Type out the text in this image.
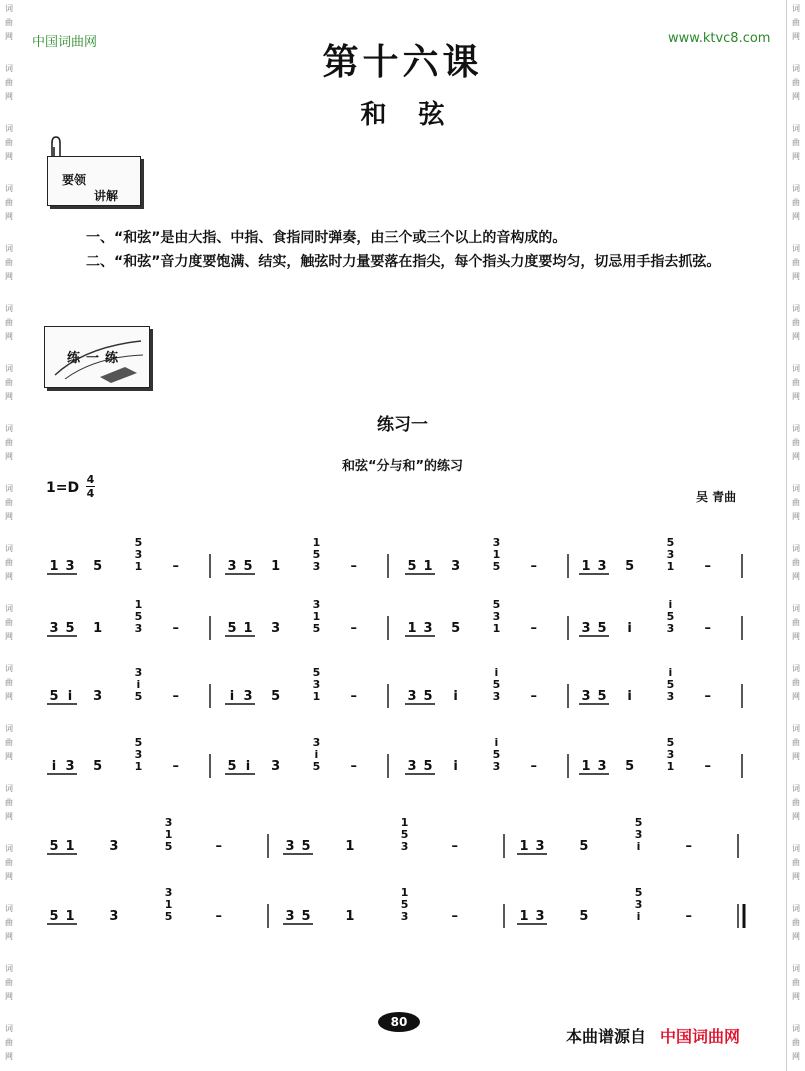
词
曲
网
词
曲
网
词
曲
网
词
曲
网
词
曲
网
词
曲
网
词
曲
网
词
曲
网
词
曲
网
词
曲
网
词
曲
网
词
曲
网
词
曲
网
词
曲
网
词
曲
网
词
曲
网
词
曲
网
词
曲
网
词
曲
网
词
曲
网
词
曲
网
词
曲
网
词
曲
网
词
曲
网
词
曲
网
词
曲
网
词
曲
网
词
曲
网
词
曲
网
词
曲
网
词
曲
网
词
曲
网
词
曲
网
词
曲
网
词
曲
网
词
曲
网
中国词曲网	www.ktvc8.com
第十六课
和弦
要领
讲解
一、“和弦”是由大指、中指、食指同时弹奏，由三个或三个以上的音构成的。
二、“和弦”音力度要饱满、结实，触弦时力量要落在指尖，每个指头力度要均匀，切忌用手指去抓弦。
练一练
练习一
和弦“分与和”的练习
1=D
4
4	吴 青曲
1 3 5
5
3
1 –	3 5 1
1
5
3 –	5 1 3
3
1
5 –	1 3 5
5
3
1 –
3 5 1
1
5
3 –	5 1 3
3
1
5 –	1 3 5
5
3
1 –	3 5 i
i
5
3 –
5 i 3
3
i
5 –	i 3 5
5
3
1 –	3 5 i
i
5
3 –	3 5 i
i
5
3 –
i 3 5
5
3
1 –	5 i 3
3
i
5 –	3 5 i
i
5
3 –	1 3 5
5
3
1 –
5 1	3
3
1
5	–	3 5	1
1
5
3	–	1 3	5
5
3
i	–
5 1	3
3
1
5	–	3 5	1
1
5
3	–	1 3	5
5
3
i	–
80
本曲谱源自 中国词曲网
